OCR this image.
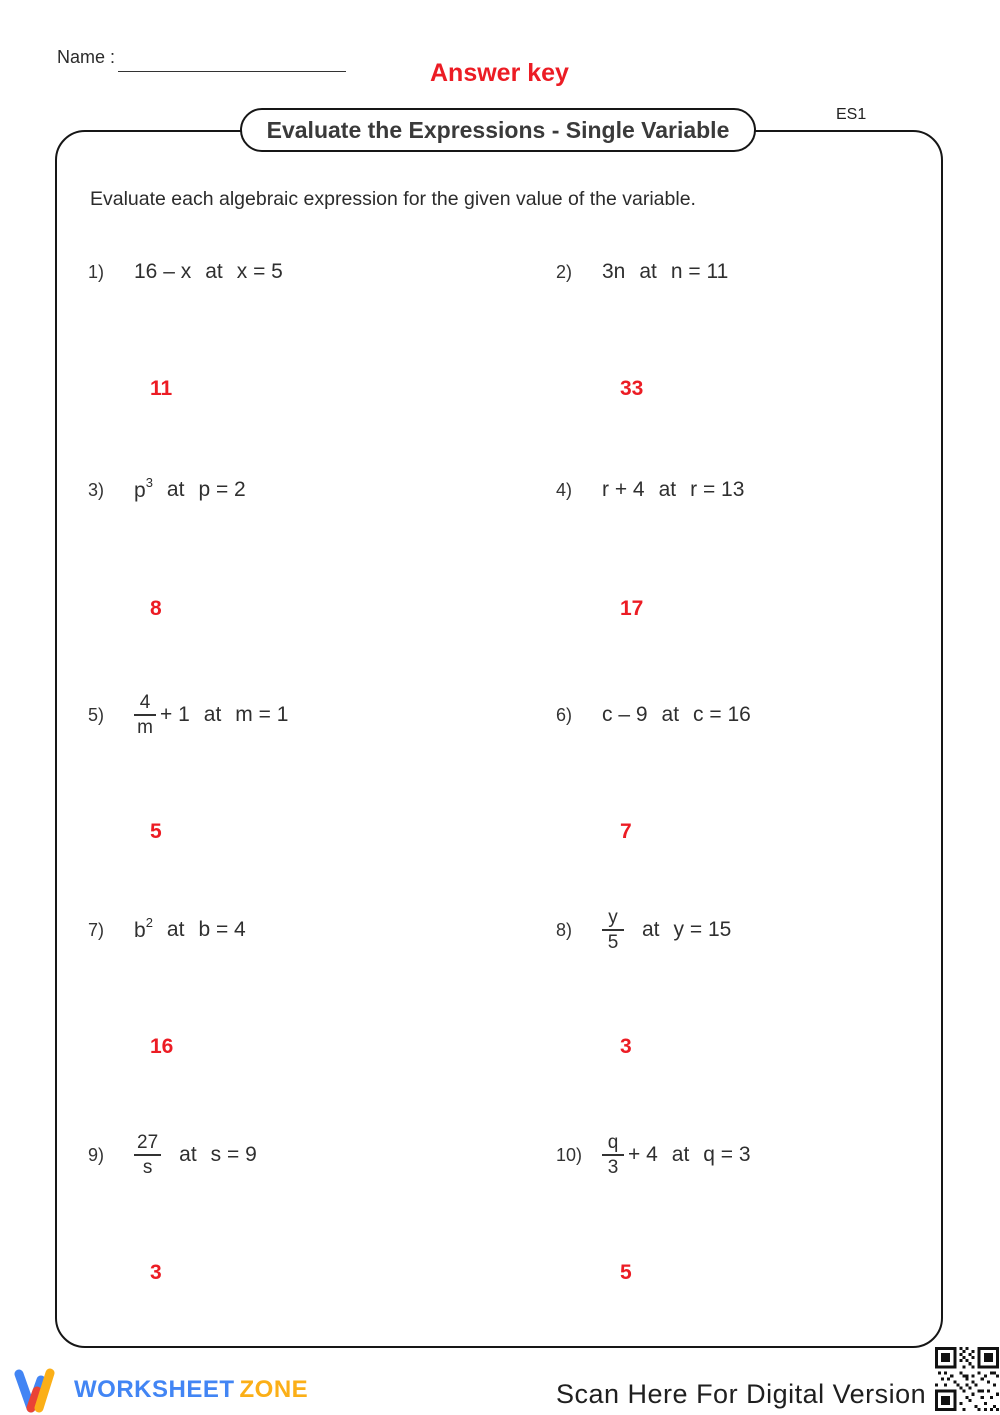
Name :
Answer key
ES1
Evaluate the Expressions - Single Variable
Evaluate each algebraic expression for the given value of the variable.
1)	16 – x at x = 5	2)	3n at n = 11
11	33
3)	$p^3$ at p = 2	4)	r + 4 at r = 13
8	17
5)	$\frac{4}{m} + 1$ at m = 1	6)	c – 9 at c = 16
5	7
7)	$b^2$ at b = 4	8)	$\frac{y}{5}$ at y = 15
16	3
9)	$\frac{27}{s}$ at s = 9	10)	$\frac{q}{3} + 4$ at q = 3
3	5
WORKSHEET ZONE	Scan Here For Digital Version
